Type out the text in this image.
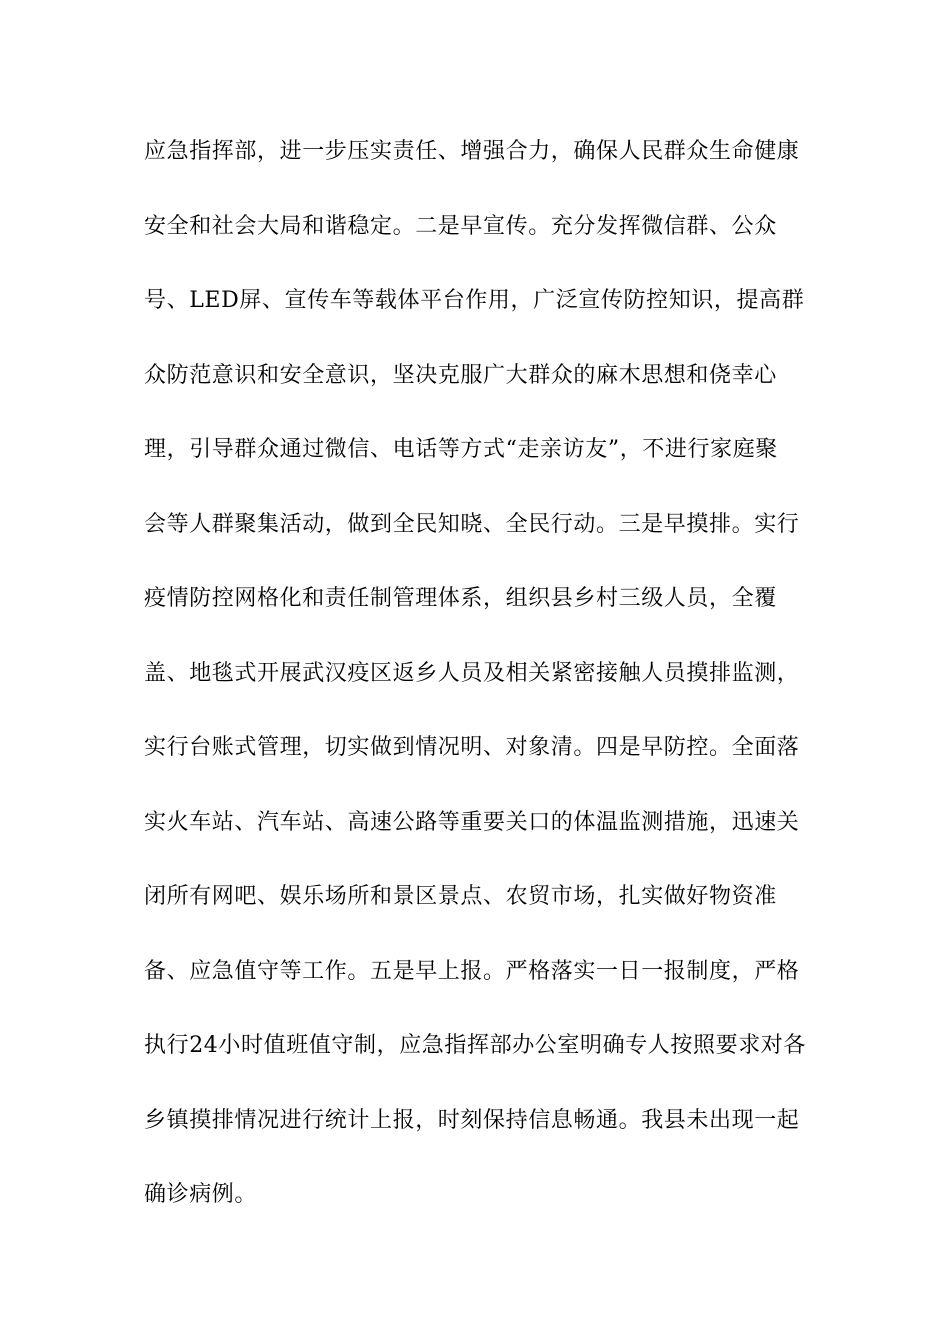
应急指挥部，进一步压实责任、增强合力，确保人民群众生命健康
安全和社会大局和谐稳定。二是早宣传。充分发挥微信群、公众
号、LED屏、宣传车等载体平台作用，广泛宣传防控知识，提高群
众防范意识和安全意识，坚决克服广大群众的麻木思想和侥幸心
理，引导群众通过微信、电话等方式“走亲访友”，不进行家庭聚
会等人群聚集活动，做到全民知晓、全民行动。三是早摸排。实行
疫情防控网格化和责任制管理体系，组织县乡村三级人员，全覆
盖、地毯式开展武汉疫区返乡人员及相关紧密接触人员摸排监测，
实行台账式管理，切实做到情况明、对象清。四是早防控。全面落
实火车站、汽车站、高速公路等重要关口的体温监测措施，迅速关
闭所有网吧、娱乐场所和景区景点、农贸市场，扎实做好物资准
备、应急值守等工作。五是早上报。严格落实一日一报制度，严格
执行24小时值班值守制，应急指挥部办公室明确专人按照要求对各
乡镇摸排情况进行统计上报，时刻保持信息畅通。我县未出现一起
确诊病例。
